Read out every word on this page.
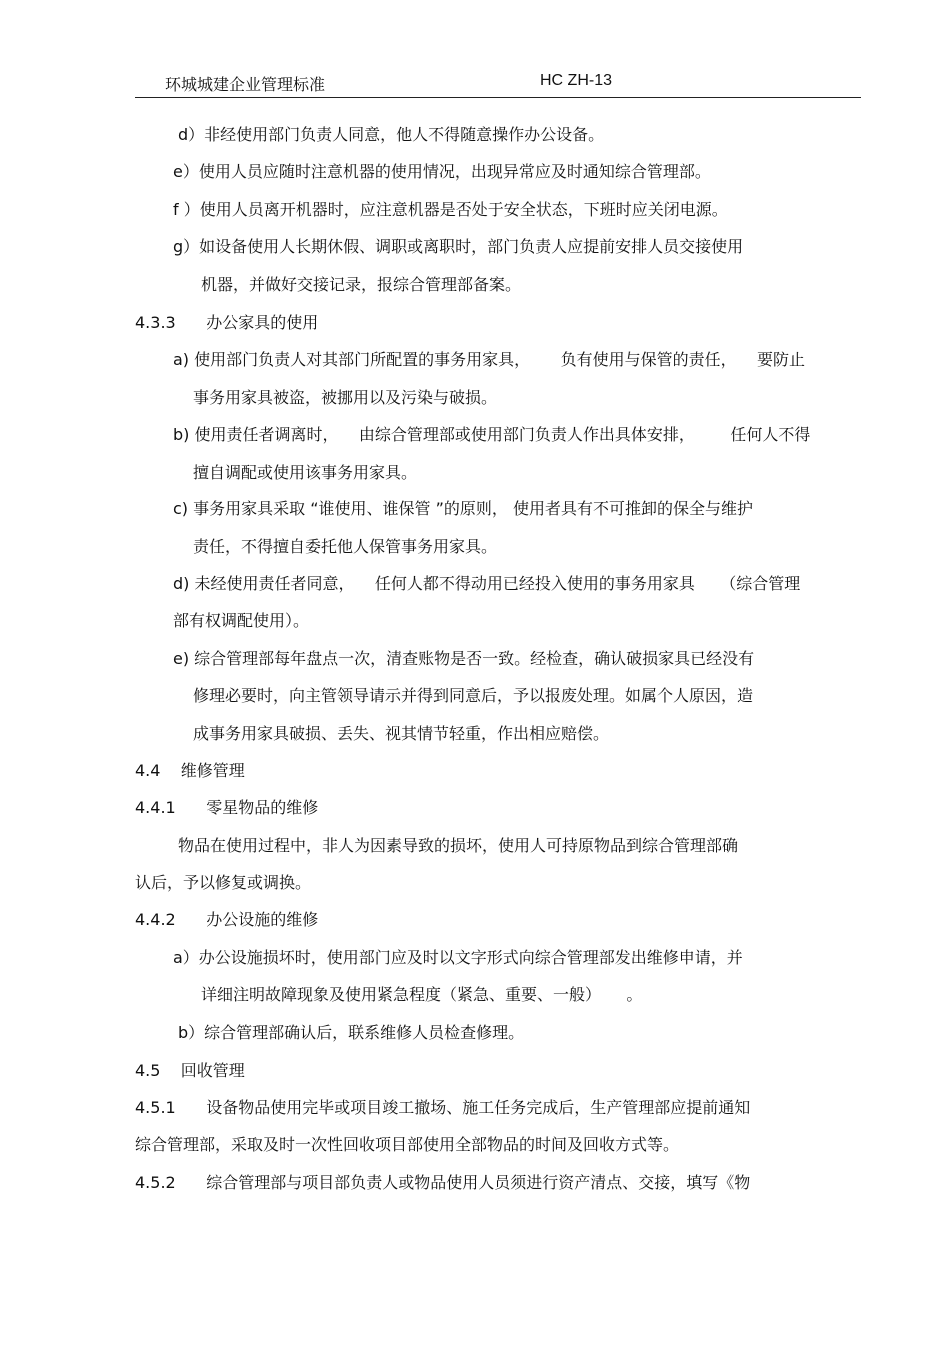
环城城建企业管理标准	HC ZH-13
d）非经使用部门负责人同意，他人不得随意操作办公设备。
e）使用人员应随时注意机器的使用情况，出现异常应及时通知综合管理部。
f ）使用人员离开机器时，应注意机器是否处于安全状态，下班时应关闭电源。
g）如设备使用人长期休假、调职或离职时，部门负责人应提前安排人员交接使用
机器，并做好交接记录，报综合管理部备案。
4.3.3      办公家具的使用
a) 使用部门负责人对其部门所配置的事务用家具，      负有使用与保管的责任，    要防止
事务用家具被盗，被挪用以及污染与破损。
b) 使用责任者调离时，    由综合管理部或使用部门负责人作出具体安排，       任何人不得
擅自调配或使用该事务用家具。
c) 事务用家具采取 “谁使用、谁保管 ”的原则， 使用者具有不可推卸的保全与维护
责任，不得擅自委托他人保管事务用家具。
d) 未经使用责任者同意，    任何人都不得动用已经投入使用的事务用家具     （综合管理
部有权调配使用）。
e) 综合管理部每年盘点一次，清查账物是否一致。经检查，确认破损家具已经没有
修理必要时，向主管领导请示并得到同意后，予以报废处理。如属个人原因，造
成事务用家具破损、丢失、视其情节轻重，作出相应赔偿。
4.4    维修管理
4.4.1      零星物品的维修
物品在使用过程中，非人为因素导致的损坏，使用人可持原物品到综合管理部确
认后，予以修复或调换。
4.4.2      办公设施的维修
a）办公设施损坏时，使用部门应及时以文字形式向综合管理部发出维修申请，并
详细注明故障现象及使用紧急程度（紧急、重要、一般）     。
b）综合管理部确认后，联系维修人员检查修理。
4.5    回收管理
4.5.1      设备物品使用完毕或项目竣工撤场、施工任务完成后，生产管理部应提前通知
综合管理部，采取及时一次性回收项目部使用全部物品的时间及回收方式等。
4.5.2      综合管理部与项目部负责人或物品使用人员须进行资产清点、交接，填写《物
